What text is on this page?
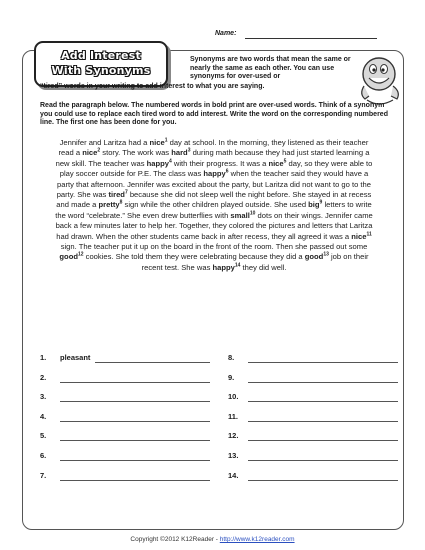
Name:
Add Interest
With Synonyms
Synonyms are two words that mean the same or nearly the same as each other. You can use synonyms for over-used or
“tired” words in your writing to add interest to what you are saying.
Read the paragraph below. The numbered words in bold print are over-used words. Think of a synonym you could use to replace each tired word to add interest. Write the word on the corresponding numbered line. The first one has been done for you.

Jennifer and Laritza had a nice$^1$ day at school. In the morning, they listened as their teacher read a nice$^2$ story. The work was hard$^3$ during math because they had just started learning a new skill. The teacher was happy$^4$ with their progress. It was a nice$^5$ day, so they were able to play soccer outside for P.E. The class was happy$^6$ when the teacher said they would have a party that afternoon. Jennifer was excited about the party, but Laritza did not want to go to the party. She was tired$^7$ because she did not sleep well the night before. She stayed in at recess and made a pretty$^8$ sign while the other children played outside. She used big$^9$ letters to write the word “celebrate.” She even drew butterflies with small$^{10}$ dots on their wings. Jennifer came back a few minutes later to help her. Together, they colored the pictures and letters that Laritza had drawn. When the other students came back in after recess, they all agreed it was a nice$^{11}$ sign. The teacher put it up on the board in the front of the room. Then she passed out some good$^{12}$ cookies. She told them they were celebrating because they did a good$^{13}$ job on their recent test. She was happy$^{14}$ they did well.

1. pleasant
2.
3.
4.
5.
6.
7.
8.
9.
10.
11.
12.
13.
14.
Copyright ©2012 K12Reader - http://www.k12reader.com
